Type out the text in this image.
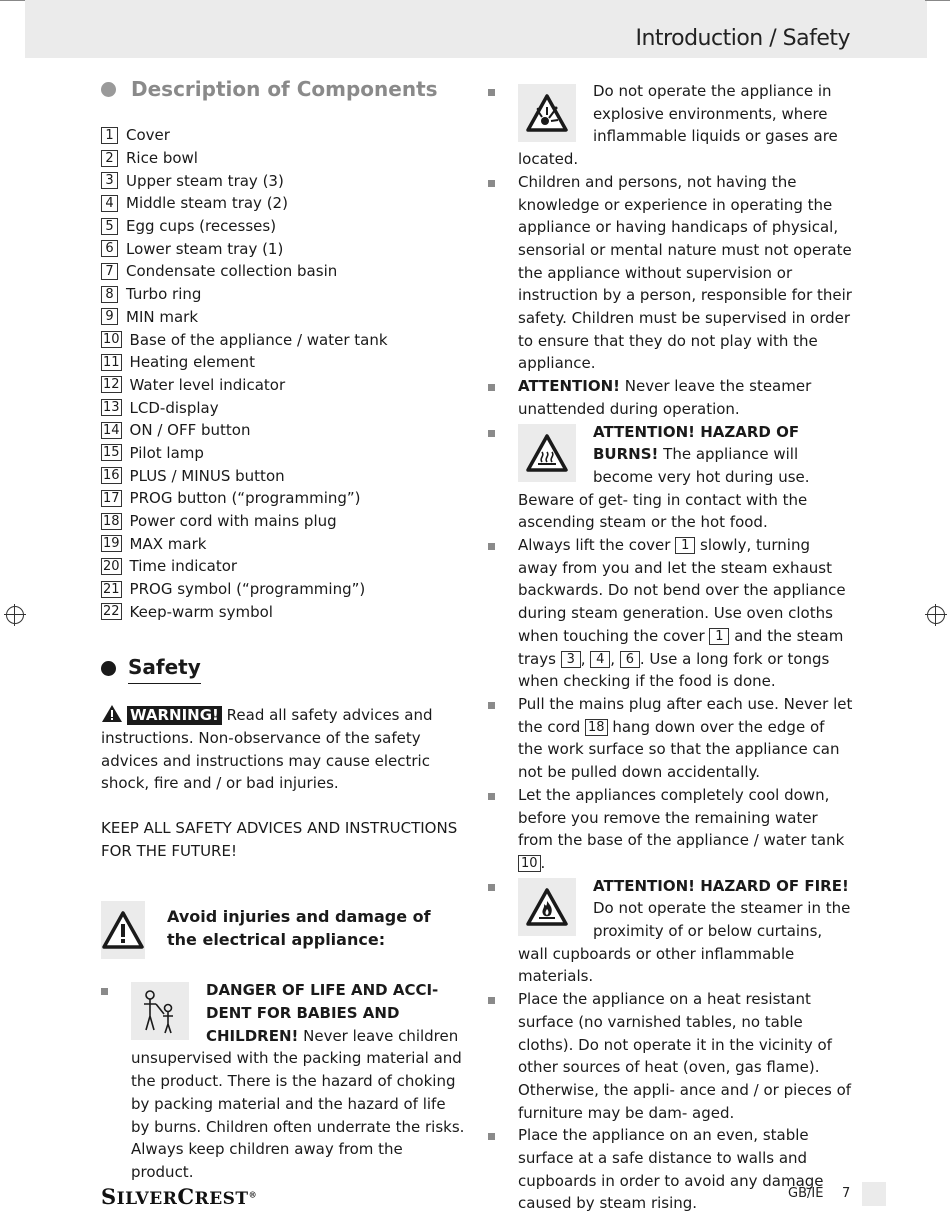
Introduction / Safety
Description of Components
1 Cover
2 Rice bowl
3 Upper steam tray (3)
4 Middle steam tray (2)
5 Egg cups (recesses)
6 Lower steam tray (1)
7 Condensate collection basin
8 Turbo ring
9 MIN mark
10 Base of the appliance / water tank
11 Heating element
12 Water level indicator
13 LCD-display
14 ON / OFF button
15 Pilot lamp
16 PLUS / MINUS button
17 PROG button (“programming”)
18 Power cord with mains plug
19 MAX mark
20 Time indicator
21 PROG symbol (“programming”)
22 Keep-warm symbol
Safety

WARNING! Read all safety advices and instructions. Non-observance of the safety advices and instructions may cause electric shock, fire and / or bad injuries.

KEEP ALL SAFETY ADVICES AND INSTRUCTIONS FOR THE FUTURE!

Avoid injuries and damage of the electrical appliance:

DANGER OF LIFE AND ACCI- DENT FOR BABIES AND CHILDREN! Never leave children unsupervised with the packing material and the product. There is the hazard of choking by packing material and the hazard of life by burns. Children often underrate the risks. Always keep children away from the product.

Do not operate the appliance in explosive environments, where inflammable liquids or gases are located.

Children and persons, not having the knowledge or experience in operating the appliance or having handicaps of physical, sensorial or mental nature must not operate the appliance without supervision or instruction by a person, responsible for their safety. Children must be supervised in order to ensure that they do not play with the appliance.

ATTENTION! Never leave the steamer unattended during operation.

ATTENTION! HAZARD OF BURNS! The appliance will become very hot during use. Beware of get- ting in contact with the ascending steam or the hot food.

Always lift the cover 1 slowly, turning away from you and let the steam exhaust backwards. Do not bend over the appliance during steam generation. Use oven cloths when touching the cover 1 and the steam trays 3 , 4 , 6 . Use a long fork or tongs when checking if the food is done.

Pull the mains plug after each use. Never let the cord 18 hang down over the edge of the work surface so that the appliance can not be pulled down accidentally.

Let the appliances completely cool down, before you remove the remaining water from the base of the appliance / water tank 10 .

ATTENTION! HAZARD OF FIRE! Do not operate the steamer in the proximity of or below curtains, wall cupboards or other inflammable materials.

Place the appliance on a heat resistant surface (no varnished tables, no table cloths). Do not operate it in the vicinity of other sources of heat (oven, gas flame). Otherwise, the appli- ance and / or pieces of furniture may be dam- aged.

Place the appliance on an even, stable surface at a safe distance to walls and cupboards in order to avoid any damage caused by steam rising.

SILVERCREST®	GB/IE 7
